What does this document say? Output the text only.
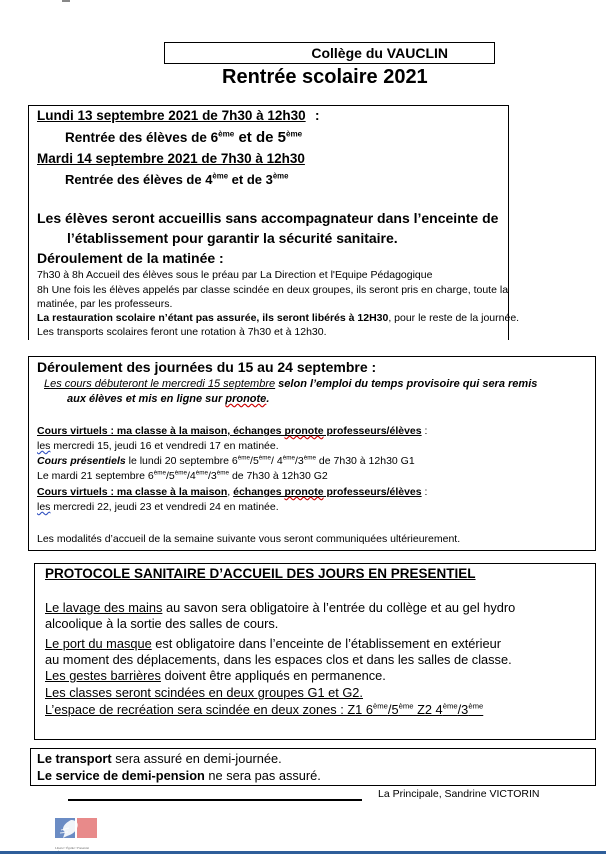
Collège du VAUCLIN
Rentrée scolaire 2021
Lundi 13 septembre 2021 de 7h30 à 12h30 :
Rentrée des élèves de 6ème et de 5ème
Mardi 14 septembre 2021 de 7h30 à 12h30
Rentrée des élèves de 4ème et de 3ème
Les élèves seront accueillis sans accompagnateur dans l’enceinte de
l’établissement pour garantir la sécurité sanitaire.
Déroulement de la matinée :
7h30 à 8h Accueil des élèves sous le préau par La Direction et l'Equipe Pédagogique
8h Une fois les élèves appelés par classe scindée en deux groupes, ils seront pris en charge, toute la
matinée, par les professeurs.
La restauration scolaire n’étant pas assurée, ils seront libérés à 12H30, pour le reste de la journée.
Les transports scolaires feront une rotation à 7h30 et à 12h30.
Déroulement des journées du 15 au 24 septembre :
Les cours débuteront le mercredi 15 septembre selon l’emploi du temps provisoire qui sera remis
aux élèves et mis en ligne sur pronote.
Cours virtuels : ma classe à la maison, échanges pronote professeurs/élèves :
les mercredi 15, jeudi 16 et vendredi 17 en matinée.
Cours présentiels le lundi 20 septembre 6ème/5ème/ 4ème/3ème de 7h30 à 12h30 G1
Le mardi 21 septembre 6ème/5ème/4ème/3ème de 7h30 à 12h30 G2
Cours virtuels : ma classe à la maison, échanges pronote professeurs/élèves :
les mercredi 22, jeudi 23 et vendredi 24 en matinée.
Les modalités d’accueil de la semaine suivante vous seront communiquées ultérieurement.
PROTOCOLE SANITAIRE D’ACCUEIL DES JOURS EN PRESENTIEL
Le lavage des mains au savon sera obligatoire à l’entrée du collège et au gel hydro
alcoolique à la sortie des salles de cours.
Le port du masque est obligatoire dans l’enceinte de l’établissement en extérieur
au moment des déplacements, dans les espaces clos et dans les salles de classe.
Les gestes barrières doivent être appliqués en permanence.
Les classes seront scindées en deux groupes G1 et G2.
L’espace de recréation sera scindée en deux zones : Z1 6ème/5ème Z2 4ème/3ème
Le transport sera assuré en demi-journée.
Le service de demi-pension ne sera pas assuré.
La Principale, Sandrine VICTORIN
Liberté • Égalité • Fraternité
